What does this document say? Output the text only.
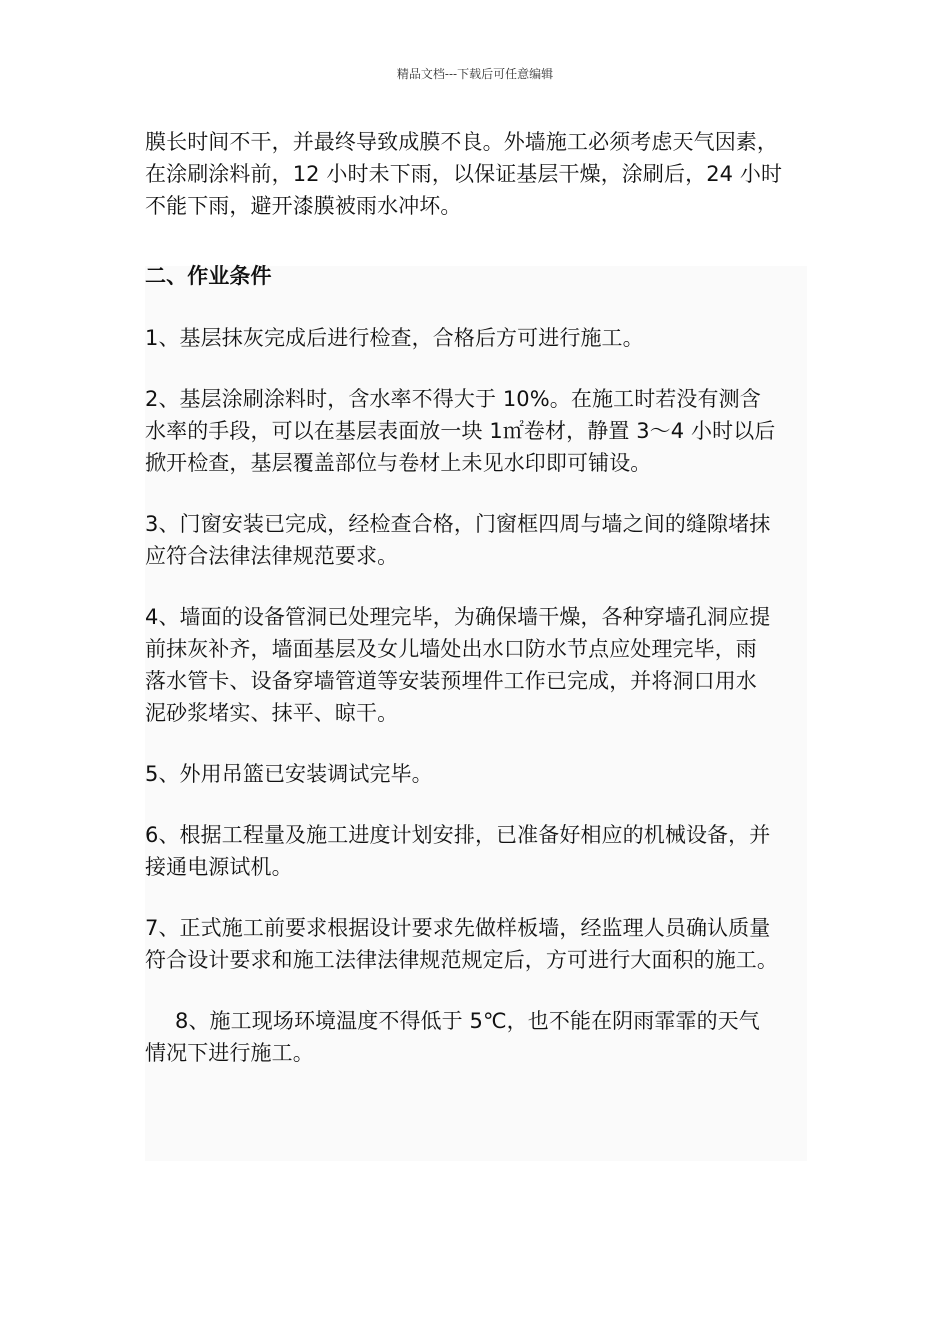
精品文档---下载后可任意编辑

膜长时间不干，并最终导致成膜不良。外墙施工必须考虑天气因素，
在涂刷涂料前，12 小时未下雨，以保证基层干燥，涂刷后，24 小时
不能下雨，避开漆膜被雨水冲坏。

二、作业条件

1、基层抹灰完成后进行检查，合格后方可进行施工。

2、基层涂刷涂料时，含水率不得大于 10%。在施工时若没有测含
水率的手段，可以在基层表面放一块 1㎡卷材，静置 3～4 小时以后
掀开检查，基层覆盖部位与卷材上未见水印即可铺设。

3、门窗安装已完成，经检查合格，门窗框四周与墙之间的缝隙堵抹
应符合法律法律规范要求。

4、墙面的设备管洞已处理完毕，为确保墙干燥，各种穿墙孔洞应提
前抹灰补齐，墙面基层及女儿墙处出水口防水节点应处理完毕，雨
落水管卡、设备穿墙管道等安装预埋件工作已完成，并将洞口用水
泥砂浆堵实、抹平、晾干。

5、外用吊篮已安装调试完毕。

6、根据工程量及施工进度计划安排，已准备好相应的机械设备，并
接通电源试机。

7、正式施工前要求根据设计要求先做样板墙，经监理人员确认质量
符合设计要求和施工法律法律规范规定后，方可进行大面积的施工。

8、施工现场环境温度不得低于 5℃，也不能在阴雨霏霏的天气
情况下进行施工。
